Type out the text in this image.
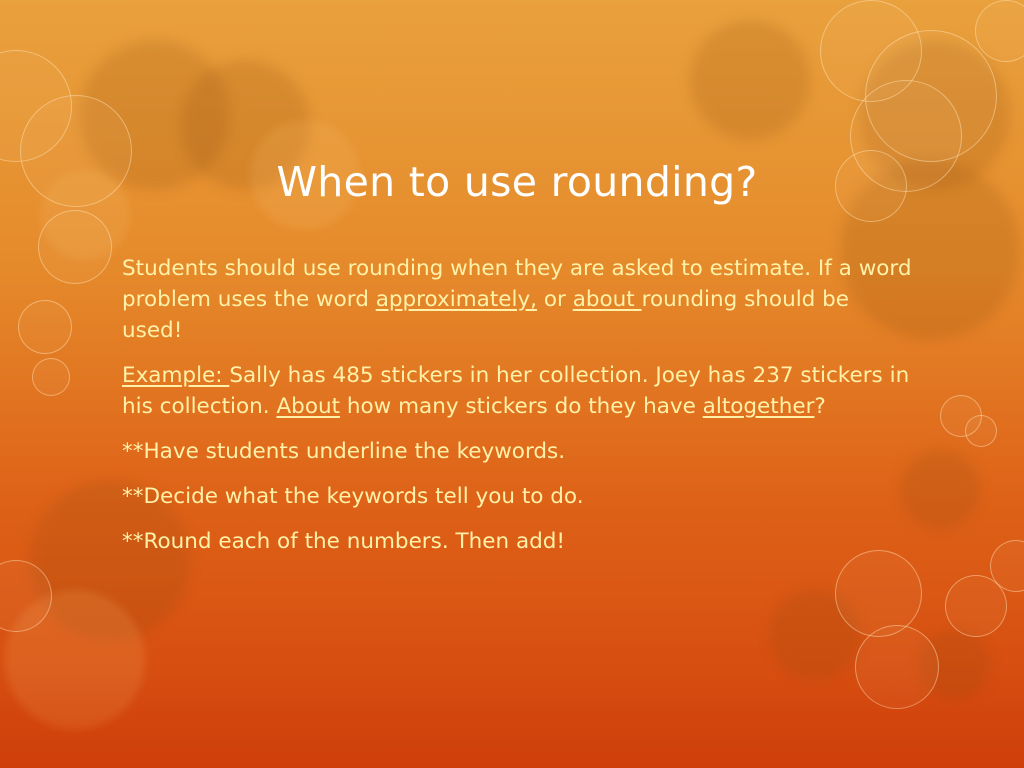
When to use rounding?

Students should use rounding when they are asked to estimate. If a word problem uses the word approximately, or about rounding should be used!

Example: Sally has 485 stickers in her collection. Joey has 237 stickers in his collection. About how many stickers do they have altogether?

**Have students underline the keywords.

**Decide what the keywords tell you to do.

**Round each of the numbers. Then add!
